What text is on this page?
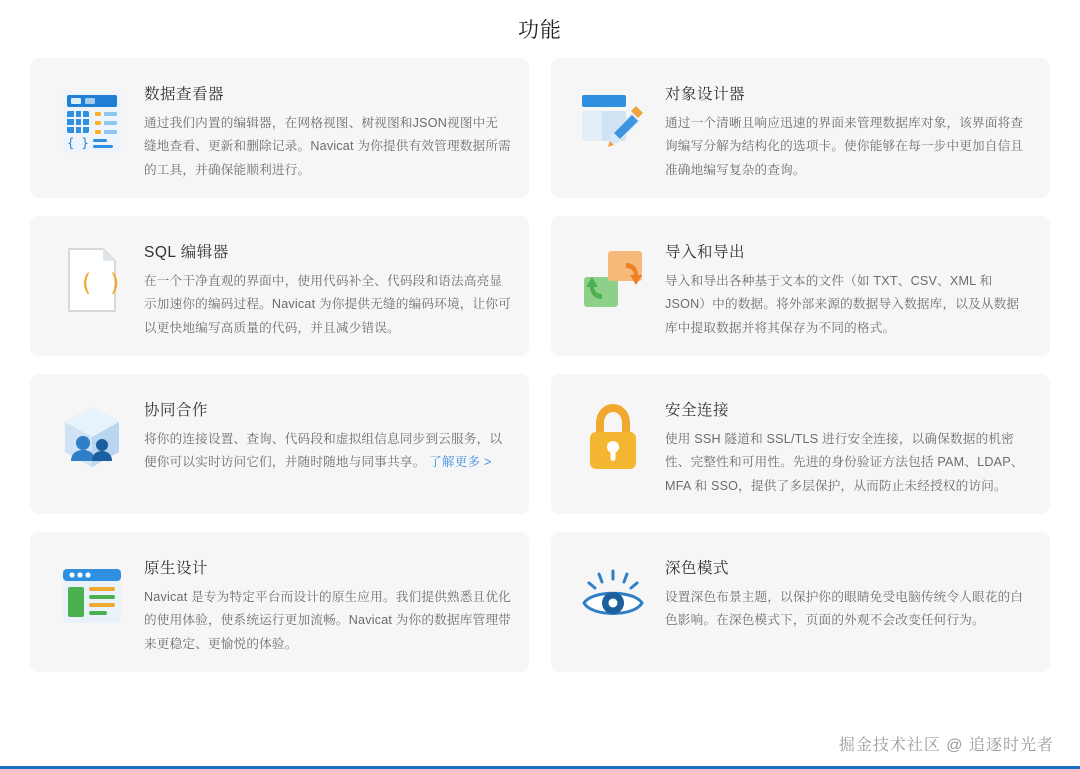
功能
{ }
数据查看器

通过我们内置的编辑器，在网格视图、树视图和JSON视图中无缝地查看、更新和删除记录。Navicat 为你提供有效管理数据所需的工具，并确保能顺利进行。

对象设计器

通过一个清晰且响应迅速的界面来管理数据库对象，该界面将查询编写分解为结构化的选项卡。使你能够在每一步中更加自信且准确地编写复杂的查询。

( )
SQL 编辑器

在一个干净直观的界面中，使用代码补全、代码段和语法高亮显示加速你的编码过程。Navicat 为你提供无缝的编码环境，让你可以更快地编写高质量的代码，并且减少错误。

导入和导出

导入和导出各种基于文本的文件（如 TXT、CSV、XML 和 JSON）中的数据。将外部来源的数据导入数据库，以及从数据库中提取数据并将其保存为不同的格式。

协同合作

将你的连接设置、查询、代码段和虚拟组信息同步到云服务，以便你可以实时访问它们，并随时随地与同事共享。 了解更多 >

安全连接

使用 SSH 隧道和 SSL/TLS 进行安全连接，以确保数据的机密性、完整性和可用性。先进的身份验证方法包括 PAM、LDAP、MFA 和 SSO，提供了多层保护，从而防止未经授权的访问。

原生设计

Navicat 是专为特定平台而设计的原生应用。我们提供熟悉且优化的使用体验，使系统运行更加流畅。Navicat 为你的数据库管理带来更稳定、更愉悦的体验。

深色模式

设置深色布景主题，以保护你的眼睛免受电脑传统令人眼花的白色影响。在深色模式下，页面的外观不会改变任何行为。

掘金技术社区 @ 追逐时光者
